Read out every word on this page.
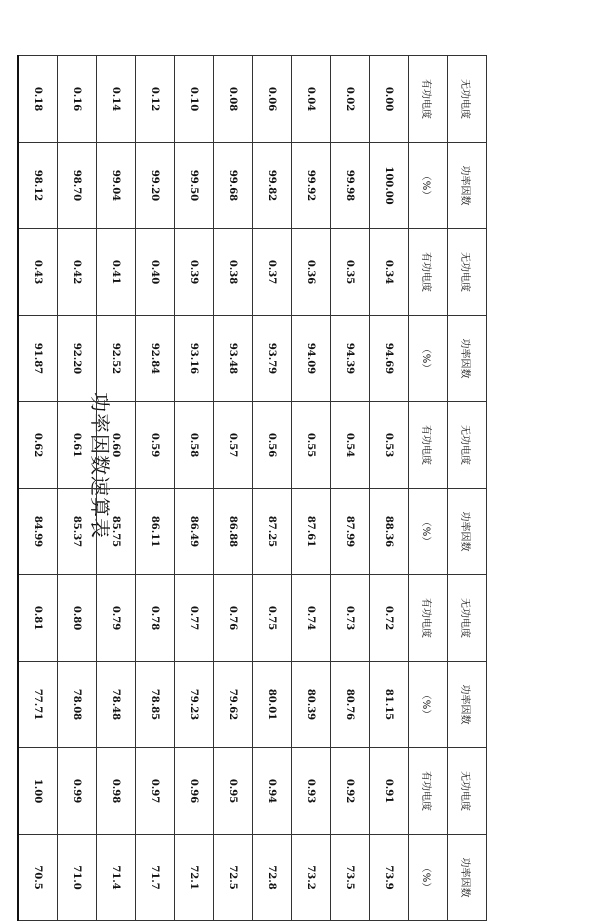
功率因数速算表
无功电度	功率因数	无功电度	功率因数	无功电度	功率因数	无功电度	功率因数	无功电度	功率因数
有功电度	（%）	有功电度	（%）	有功电度	（%）	有功电度	（%）	有功电度	（%）
0.00	100.00	0.34	94.69	0.53	88.36	0.72	81.15	0.91	73.9
0.02	99.98	0.35	94.39	0.54	87.99	0.73	80.76	0.92	73.5
0.04	99.92	0.36	94.09	0.55	87.61	0.74	80.39	0.93	73.2
0.06	99.82	0.37	93.79	0.56	87.25	0.75	80.01	0.94	72.8
0.08	99.68	0.38	93.48	0.57	86.88	0.76	79.62	0.95	72.5
0.10	99.50	0.39	93.16	0.58	86.49	0.77	79.23	0.96	72.1
0.12	99.20	0.40	92.84	0.59	86.11	0.78	78.85	0.97	71.7
0.14	99.04	0.41	92.52	0.60	85.75	0.79	78.48	0.98	71.4
0.16	98.70	0.42	92.20	0.61	85.37	0.80	78.08	0.99	71.0
0.18	98.12	0.43	91.87	0.62	84.99	0.81	77.71	1.00	70.5
